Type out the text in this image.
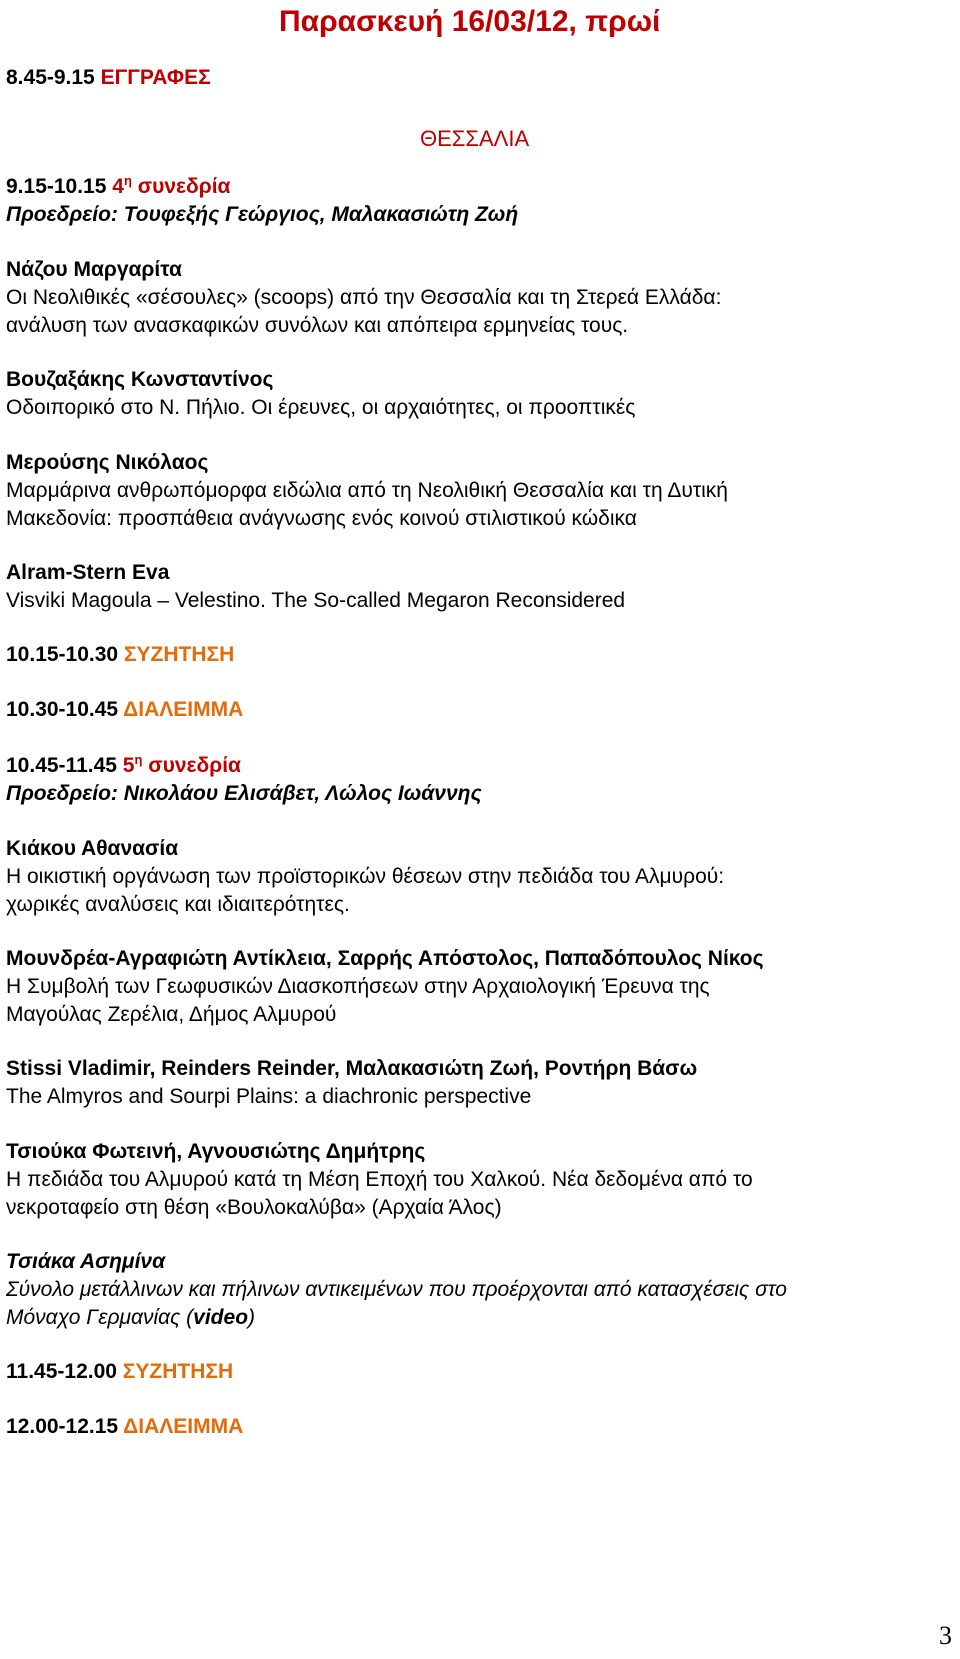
Παρασκευή 16/03/12, πρωί
8.45-9.15 ΕΓΓΡΑΦΕΣ
ΘΕΣΣΑΛΙΑ
9.15-10.15 $4^\eta$ συνεδρία
Προεδρείο: Τουφεξής Γεώργιος, Μαλακασιώτη Ζωή
Νάζου Μαργαρίτα
Οι Νεολιθικές «σέσουλες» (scoops) από την Θεσσαλία και τη Στερεά Ελλάδα:
ανάλυση των ανασκαφικών συνόλων και απόπειρα ερμηνείας τους.
Βουζαξάκης Κωνσταντίνος
Οδοιπορικό στο Ν. Πήλιο. Οι έρευνες, οι αρχαιότητες, οι προοπτικές
Μερούσης Νικόλαος
Μαρμάρινα ανθρωπόμορφα ειδώλια από τη Νεολιθική Θεσσαλία και τη Δυτική
Μακεδονία: προσπάθεια ανάγνωσης ενός κοινού στιλιστικού κώδικα
Alram-Stern Eva
Visviki Magoula – Velestino. The So-called Megaron Reconsidered
10.15-10.30 ΣΥΖΗΤΗΣΗ
10.30-10.45 ΔΙΑΛΕΙΜΜΑ
10.45-11.45 $5^\eta$ συνεδρία
Προεδρείο: Νικολάου Ελισάβετ, Λώλος Ιωάννης
Κιάκου Αθανασία
Η οικιστική οργάνωση των προϊστορικών θέσεων στην πεδιάδα του Αλμυρού:
χωρικές αναλύσεις και ιδιαιτερότητες.
Μουνδρέα-Αγραφιώτη Αντίκλεια, Σαρρής Απόστολος, Παπαδόπουλος Νίκος
Η Συμβολή των Γεωφυσικών Διασκοπήσεων στην Αρχαιολογική Έρευνα της
Μαγούλας Ζερέλια, Δήμος Αλμυρού
Stissi Vladimir, Reinders Reinder, Μαλακασιώτη Ζωή, Ροντήρη Βάσω
The Almyros and Sourpi Plains: a diachronic perspective
Τσιούκα Φωτεινή, Αγνουσιώτης Δημήτρης
Η πεδιάδα του Αλμυρού κατά τη Μέση Εποχή του Χαλκού. Νέα δεδομένα από το
νεκροταφείο στη θέση «Βουλοκαλύβα» (Αρχαία Άλος)
Τσιάκα Ασημίνα
Σύνολο μετάλλινων και πήλινων αντικειμένων που προέρχονται από κατασχέσεις στο
Μόναχο Γερμανίας (video)
11.45-12.00 ΣΥΖΗΤΗΣΗ
12.00-12.15 ΔΙΑΛΕΙΜΜΑ
3
